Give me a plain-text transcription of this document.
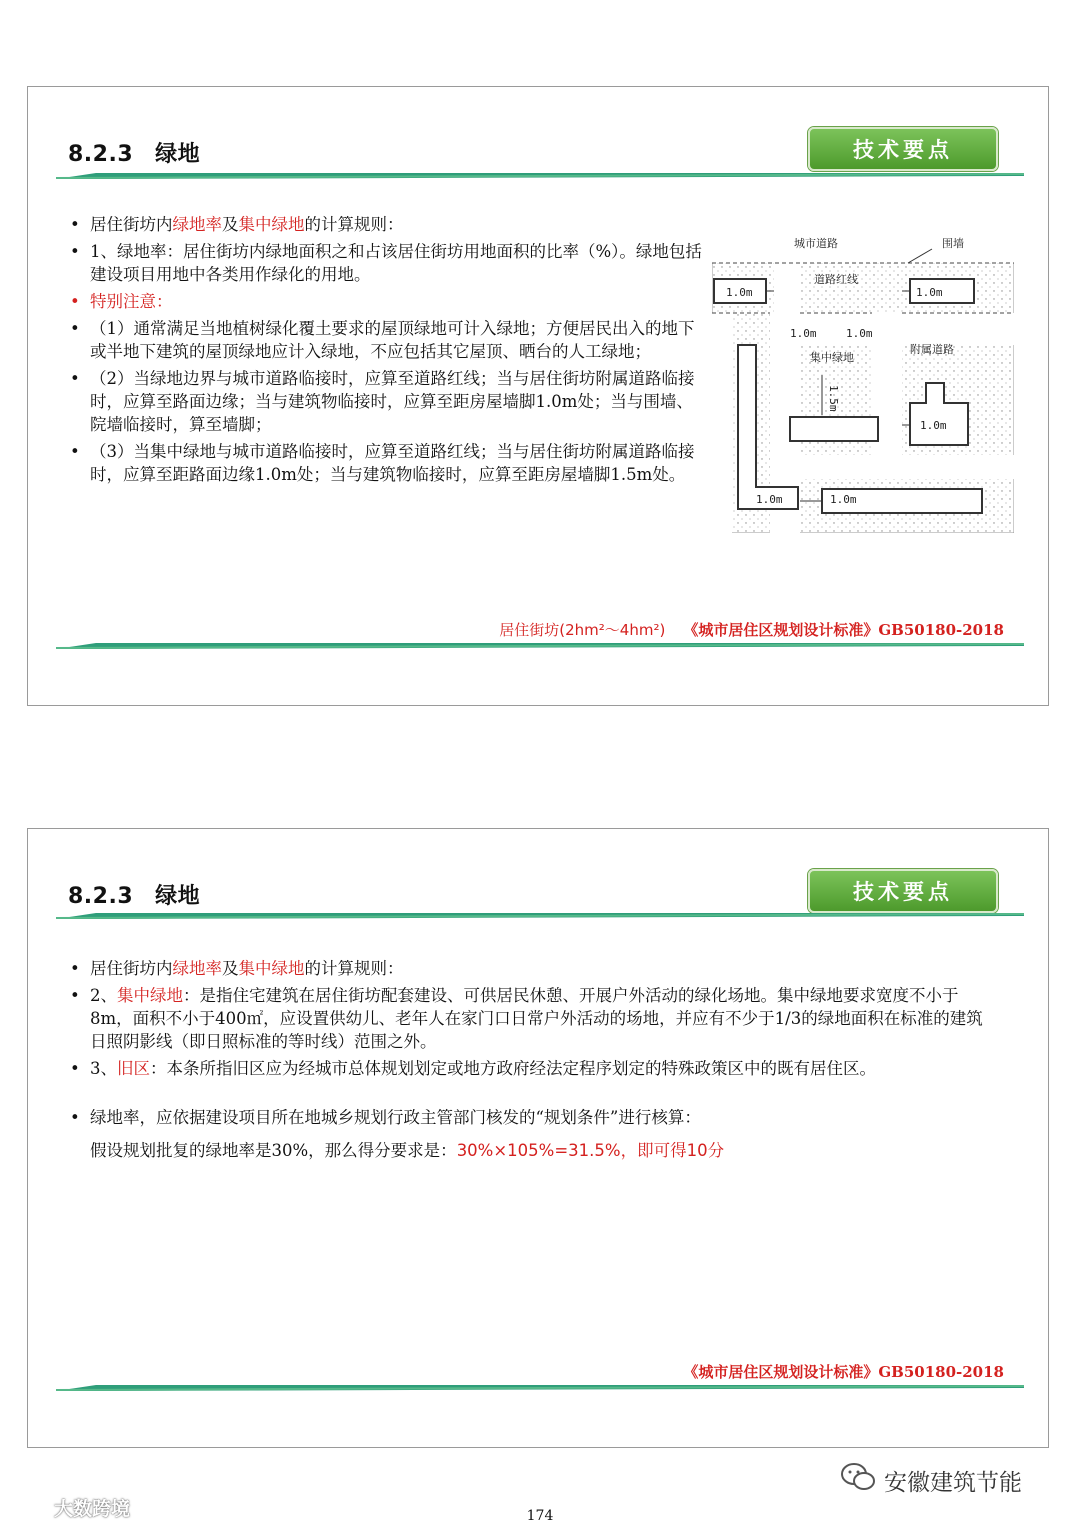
8.2.3 绿地	技术要点
• 居住街坊内绿地率及集中绿地的计算规则：
• 1、绿地率：居住街坊内绿地面积之和占该居住街坊用地面积的比率（%）。绿地包括建设项目用地中各类用作绿化的用地。
• 特别注意：
• （1）通常满足当地植树绿化覆土要求的屋顶绿地可计入绿地；方便居民出入的地下或半地下建筑的屋顶绿地应计入绿地，不应包括其它屋顶、晒台的人工绿地；
• （2）当绿地边界与城市道路临接时，应算至道路红线；当与居住街坊附属道路临接时，应算至路面边缘；当与建筑物临接时，应算至距房屋墙脚1.0m处；当与围墙、院墙临接时，算至墙脚；
• （3）当集中绿地与城市道路临接时，应算至道路红线；当与居住街坊附属道路临接时，应算至距路面边缘1.0m处；当与建筑物临接时，应算至距房屋墙脚1.5m处。
城市道路	围墙
道路红线
集中绿地
附属道路
1.0m	1.0m
1.0m	1.0m
1.0m
1.0m	1.0m
1.5m
居住街坊(2hm²～4hm²) 《城市居住区规划设计标准》GB50180-2018
8.2.3 绿地	技术要点
• 居住街坊内绿地率及集中绿地的计算规则：
• 2、集中绿地：是指住宅建筑在居住街坊配套建设、可供居民休憩、开展户外活动的绿化场地。集中绿地要求宽度不小于8m，面积不小于400㎡，应设置供幼儿、老年人在家门口日常户外活动的场地，并应有不少于1/3的绿地面积在标准的建筑日照阴影线（即日照标准的等时线）范围之外。
• 3、旧区：本条所指旧区应为经城市总体规划划定或地方政府经法定程序划定的特殊政策区中的既有居住区。
• 绿地率，应依据建设项目所在地城乡规划行政主管部门核发的“规划条件”进行核算：
假设规划批复的绿地率是30%，那么得分要求是：30%×105%=31.5%，即可得10分
《城市居住区规划设计标准》GB50180-2018
安徽建筑节能
大数跨境	174
